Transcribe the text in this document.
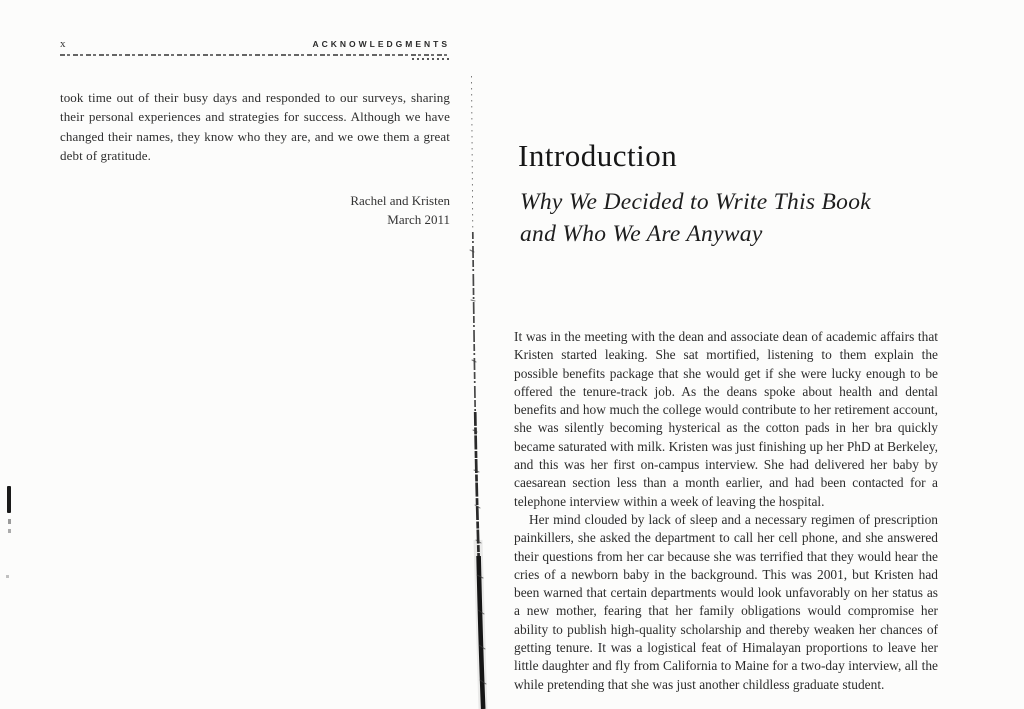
x	ACKNOWLEDGMENTS

took time out of their busy days and responded to our surveys, sharing their personal experiences and strategies for success. Although we have changed their names, they know who they are, and we owe them a great debt of gratitude.

Rachel and Kristen
March 2011
Introduction
Why We Decided to Write This Book
and Who We Are Anyway

It was in the meeting with the dean and associate dean of academic affairs that Kristen started leaking. She sat mortified, listening to them explain the possible benefits package that she would get if she were lucky enough to be offered the tenure-track job. As the deans spoke about health and dental benefits and how much the college would contribute to her retirement account, she was silently becoming hysterical as the cotton pads in her bra quickly became saturated with milk. Kristen was just finishing up her PhD at Berkeley, and this was her first on-campus interview. She had delivered her baby by caesarean section less than a month earlier, and had been contacted for a telephone interview within a week of leaving the hospital.

Her mind clouded by lack of sleep and a necessary regimen of prescription painkillers, she asked the department to call her cell phone, and she answered their questions from her car because she was terrified that they would hear the cries of a newborn baby in the background. This was 2001, but Kristen had been warned that certain departments would look unfavorably on her status as a new mother, fearing that her family obligations would compromise her ability to publish high-quality scholarship and thereby weaken her chances of getting tenure. It was a logistical feat of Himalayan proportions to leave her little daughter and fly from California to Maine for a two-day interview, all the while pretending that she was just another childless graduate student.
